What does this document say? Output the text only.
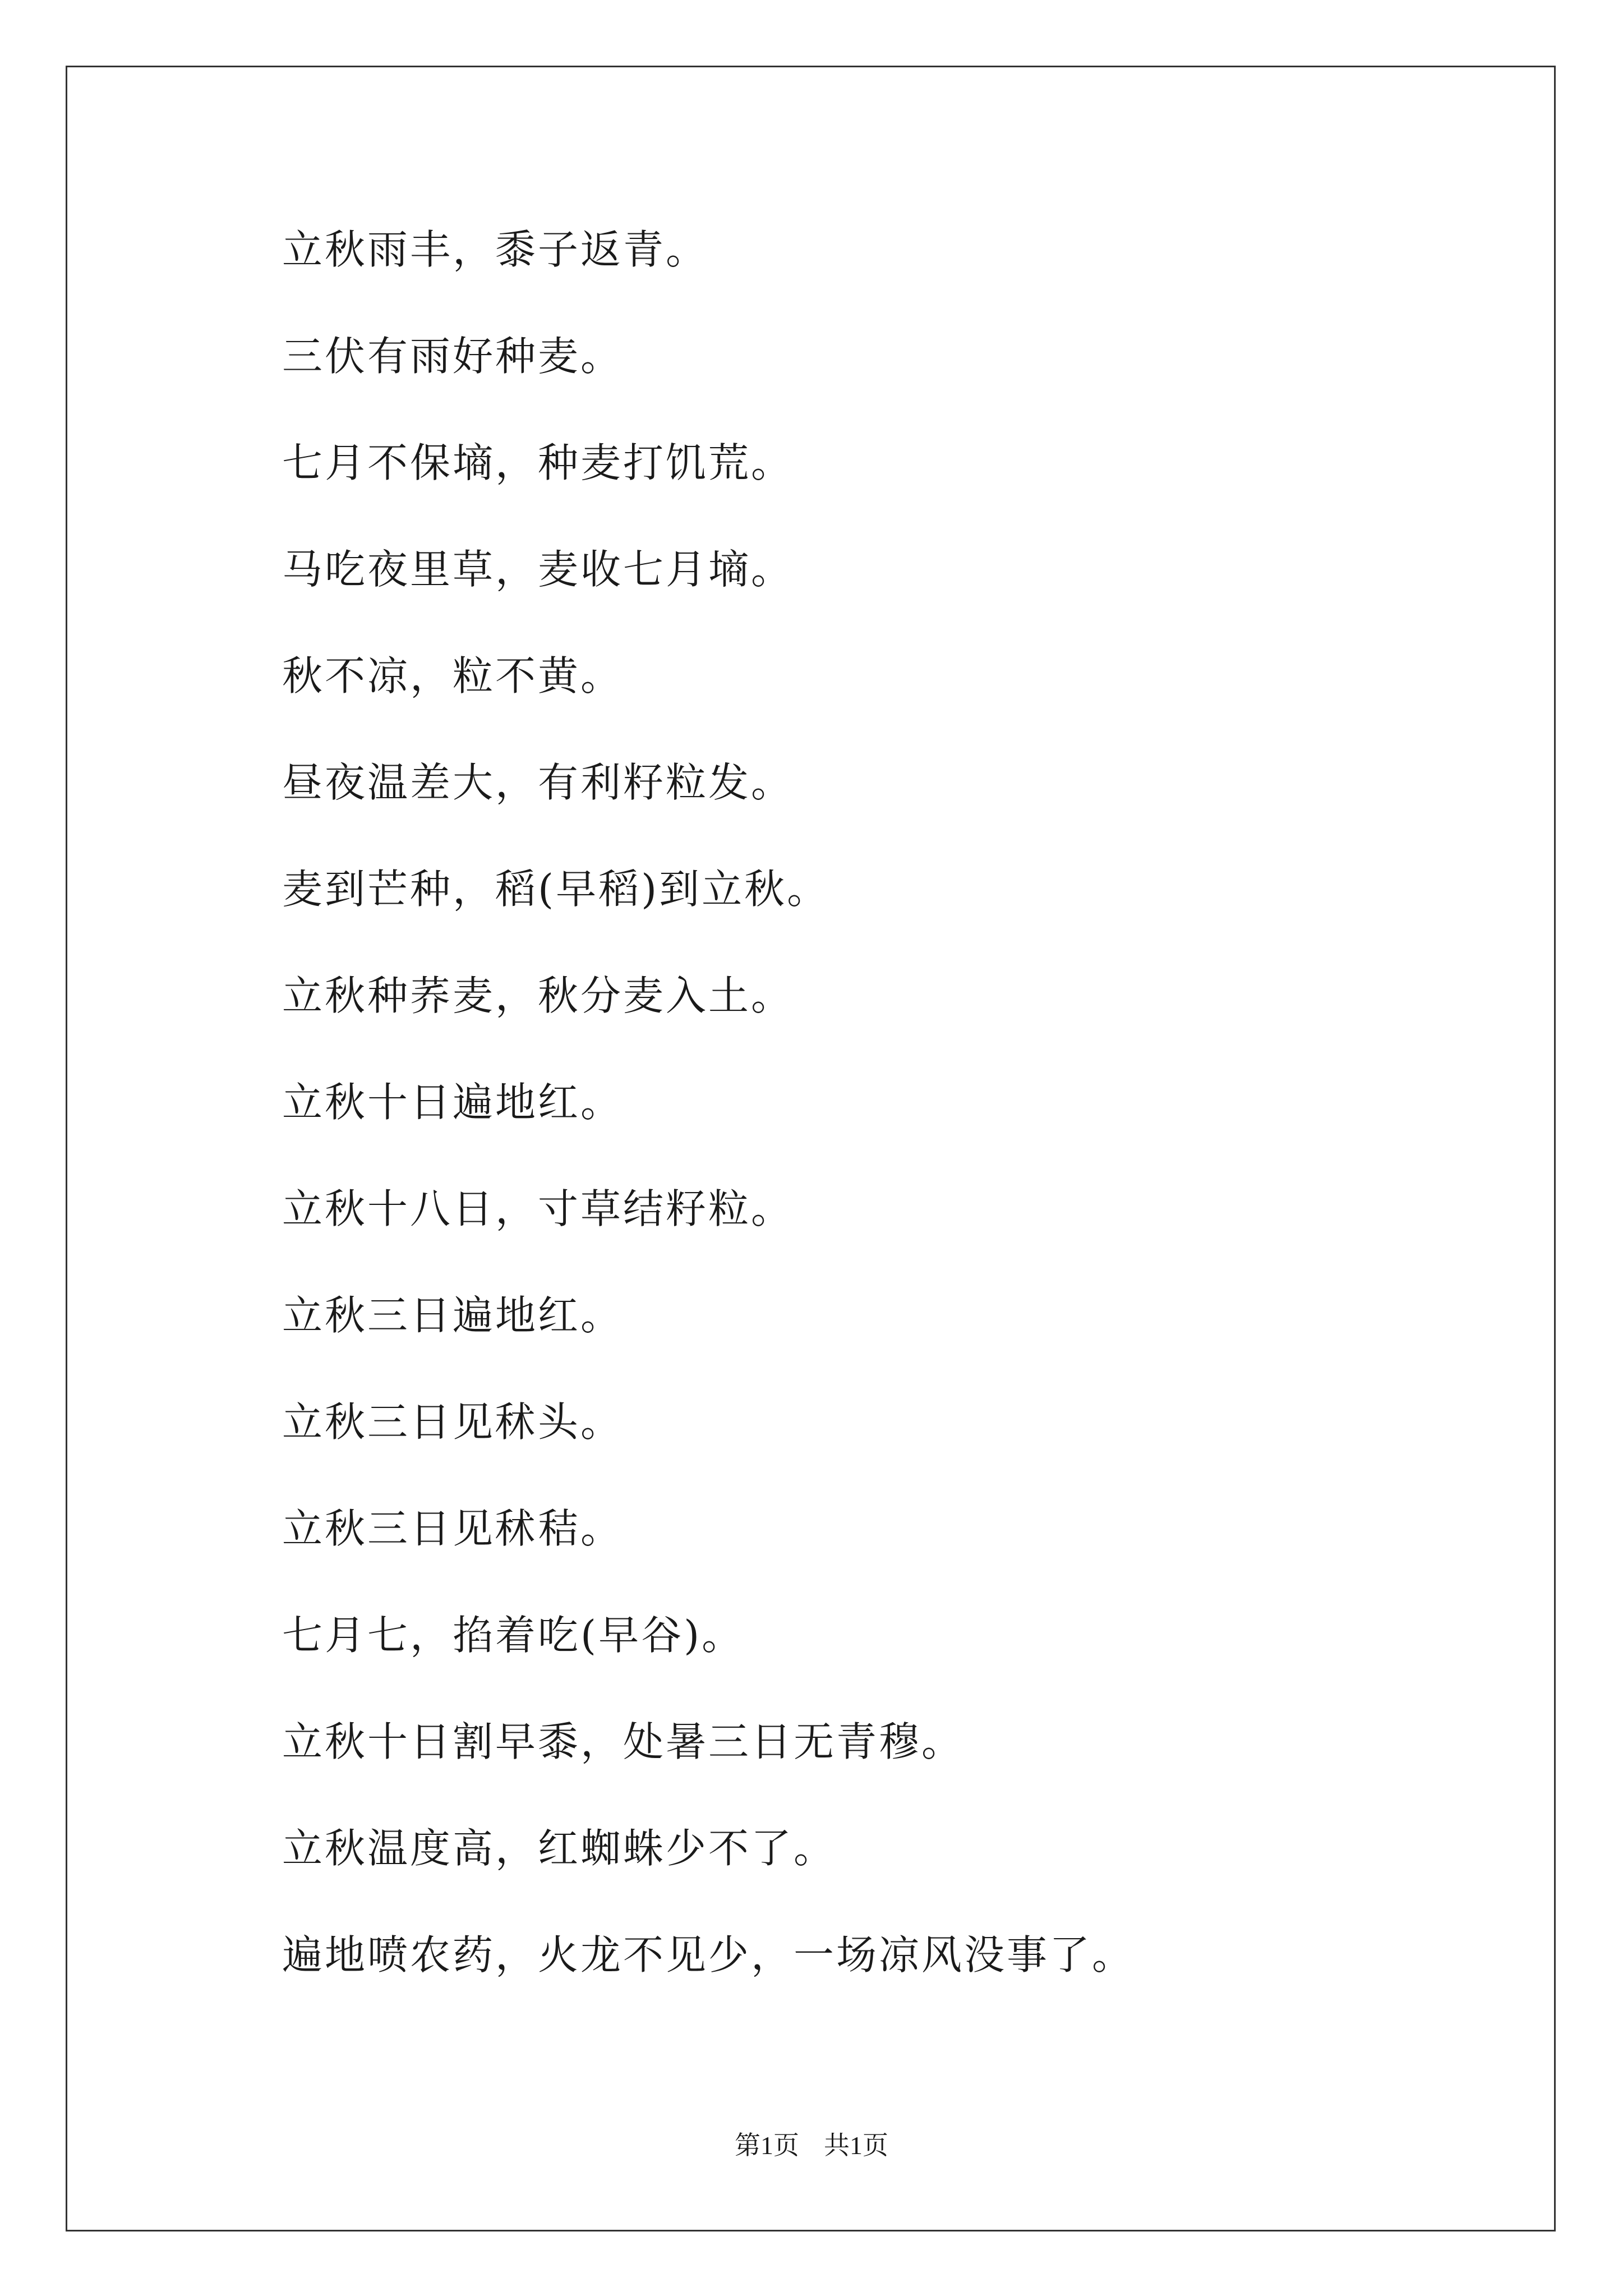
立秋雨丰，黍子返青。
三伏有雨好种麦。
七月不保墒，种麦打饥荒。
马吃夜里草，麦收七月墒。
秋不凉，粒不黄。
昼夜温差大，有利籽粒发。
麦到芒种，稻(早稻)到立秋。
立秋种荞麦，秋分麦入土。
立秋十日遍地红。
立秋十八日，寸草结籽粒。
立秋三日遍地红。
立秋三日见秫头。
立秋三日见秫秸。
七月七，掐着吃(早谷)。
立秋十日割早黍，处暑三日无青穆。
立秋温度高，红蜘蛛少不了。
遍地喷农药，火龙不见少，一场凉风没事了。
第1页 共1页
